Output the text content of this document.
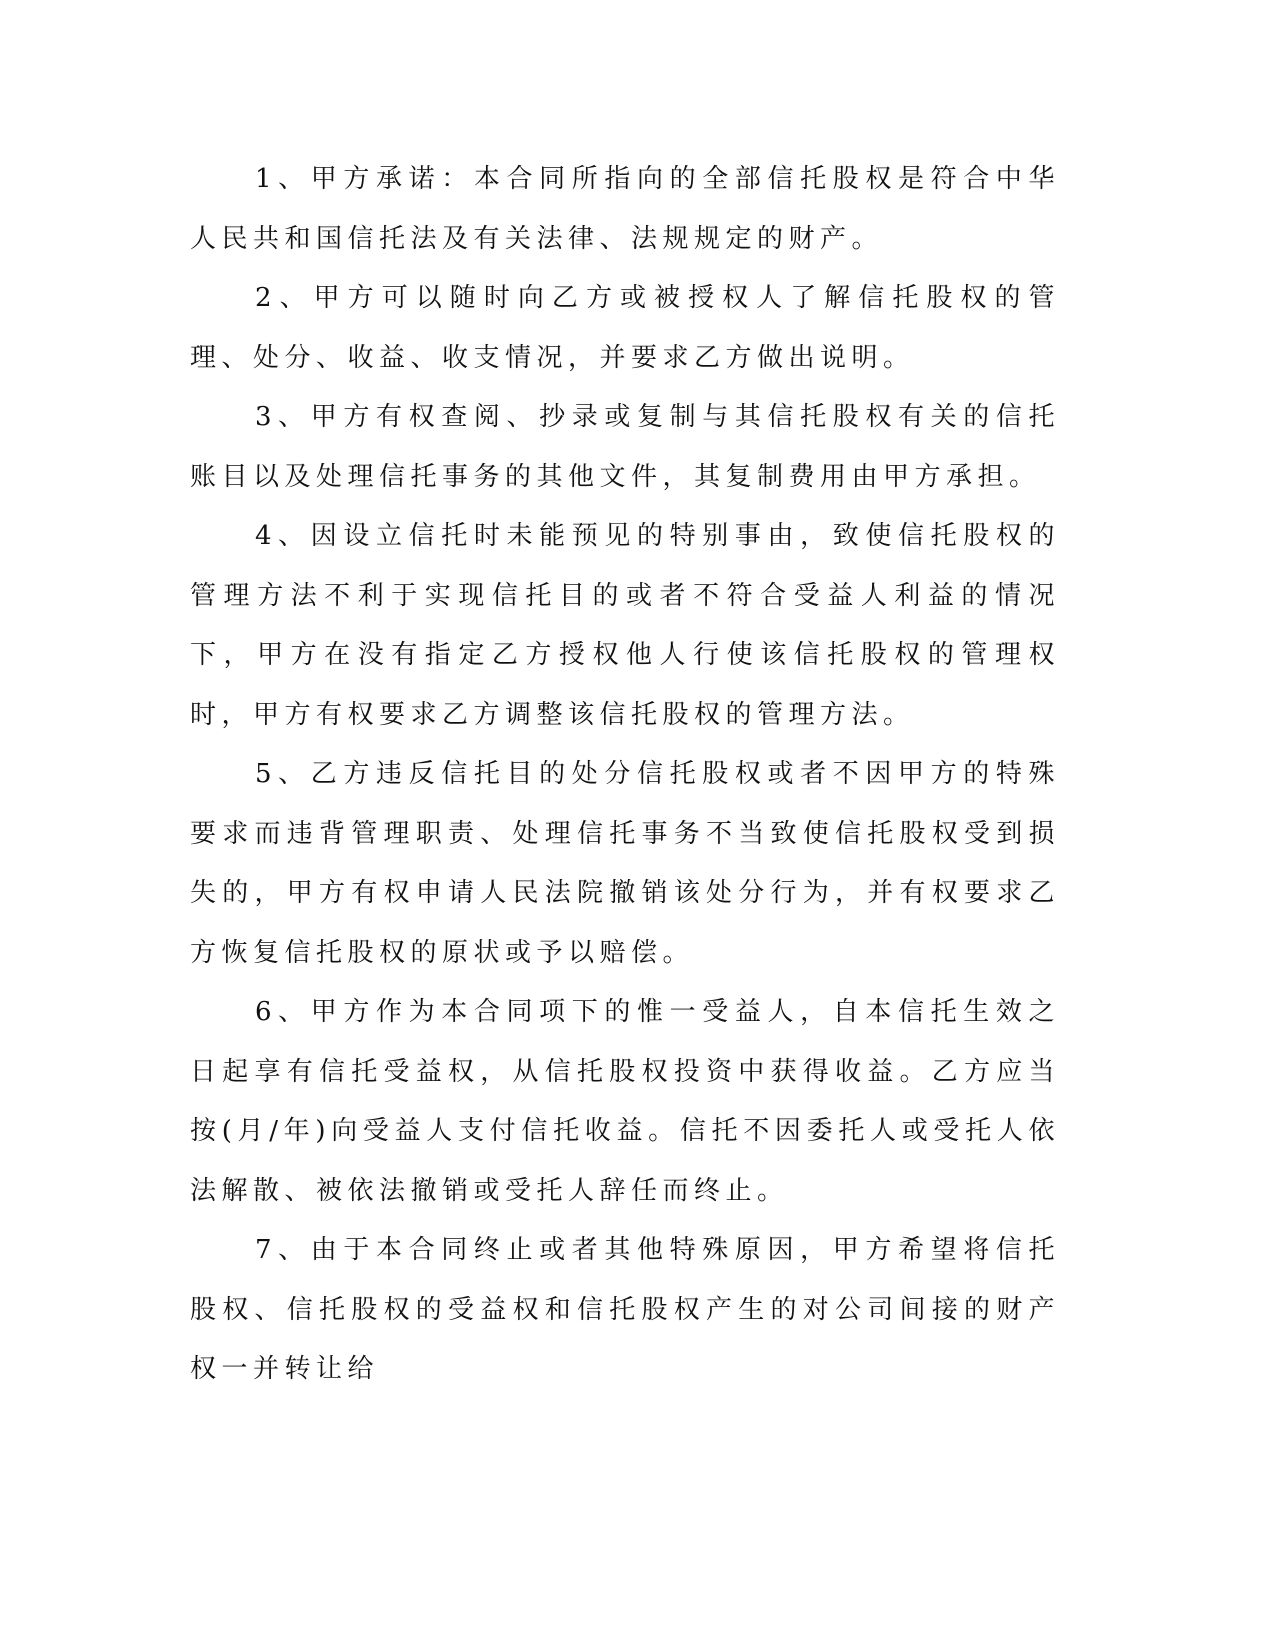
1、甲方承诺：本合同所指向的全部信托股权是符合中华人民共和国信托法及有关法律、法规规定的财产。

2、甲方可以随时向乙方或被授权人了解信托股权的管理、处分、收益、收支情况，并要求乙方做出说明。

3、甲方有权查阅、抄录或复制与其信托股权有关的信托账目以及处理信托事务的其他文件，其复制费用由甲方承担。

4、因设立信托时未能预见的特别事由，致使信托股权的管理方法不利于实现信托目的或者不符合受益人利益的情况下，甲方在没有指定乙方授权他人行使该信托股权的管理权时，甲方有权要求乙方调整该信托股权的管理方法。

5、乙方违反信托目的处分信托股权或者不因甲方的特殊要求而违背管理职责、处理信托事务不当致使信托股权受到损失的，甲方有权申请人民法院撤销该处分行为，并有权要求乙方恢复信托股权的原状或予以赔偿。

6、甲方作为本合同项下的惟一受益人，自本信托生效之日起享有信托受益权，从信托股权投资中获得收益。乙方应当按(月/年)向受益人支付信托收益。信托不因委托人或受托人依法解散、被依法撤销或受托人辞任而终止。

7、由于本合同终止或者其他特殊原因，甲方希望将信托股权、信托股权的受益权和信托股权产生的对公司间接的财产权一并转让给
